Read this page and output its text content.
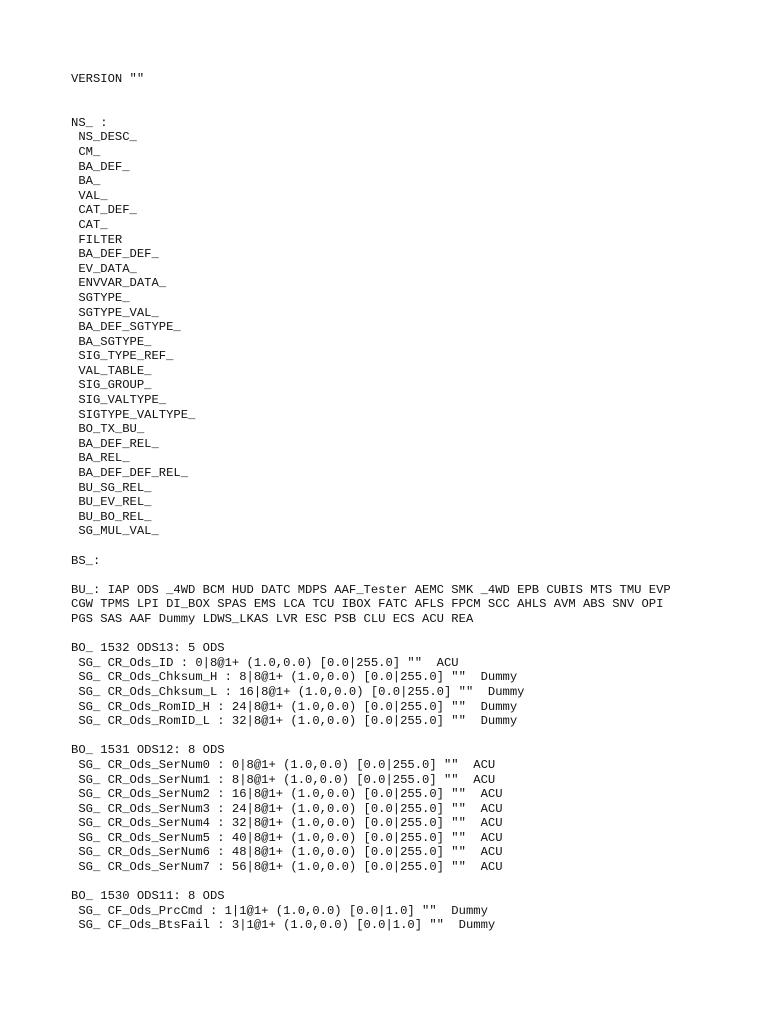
VERSION ""
NS_ :
NS_DESC_
CM_
BA_DEF_
BA_
VAL_
CAT_DEF_
CAT_
FILTER
BA_DEF_DEF_
EV_DATA_
ENVVAR_DATA_
SGTYPE_
SGTYPE_VAL_
BA_DEF_SGTYPE_
BA_SGTYPE_
SIG_TYPE_REF_
VAL_TABLE_
SIG_GROUP_
SIG_VALTYPE_
SIGTYPE_VALTYPE_
BO_TX_BU_
BA_DEF_REL_
BA_REL_
BA_DEF_DEF_REL_
BU_SG_REL_
BU_EV_REL_
BU_BO_REL_
SG_MUL_VAL_
BS_:
BU_: IAP ODS _4WD BCM HUD DATC MDPS AAF_Tester AEMC SMK _4WD EPB CUBIS MTS TMU EVP
CGW TPMS LPI DI_BOX SPAS EMS LCA TCU IBOX FATC AFLS FPCM SCC AHLS AVM ABS SNV OPI
PGS SAS AAF Dummy LDWS_LKAS LVR ESC PSB CLU ECS ACU REA
BO_ 1532 ODS13: 5 ODS
SG_ CR_Ods_ID : 0|8@1+ (1.0,0.0) [0.0|255.0] ""  ACU
SG_ CR_Ods_Chksum_H : 8|8@1+ (1.0,0.0) [0.0|255.0] ""  Dummy
SG_ CR_Ods_Chksum_L : 16|8@1+ (1.0,0.0) [0.0|255.0] ""  Dummy
SG_ CR_Ods_RomID_H : 24|8@1+ (1.0,0.0) [0.0|255.0] ""  Dummy
SG_ CR_Ods_RomID_L : 32|8@1+ (1.0,0.0) [0.0|255.0] ""  Dummy
BO_ 1531 ODS12: 8 ODS
SG_ CR_Ods_SerNum0 : 0|8@1+ (1.0,0.0) [0.0|255.0] ""  ACU
SG_ CR_Ods_SerNum1 : 8|8@1+ (1.0,0.0) [0.0|255.0] ""  ACU
SG_ CR_Ods_SerNum2 : 16|8@1+ (1.0,0.0) [0.0|255.0] ""  ACU
SG_ CR_Ods_SerNum3 : 24|8@1+ (1.0,0.0) [0.0|255.0] ""  ACU
SG_ CR_Ods_SerNum4 : 32|8@1+ (1.0,0.0) [0.0|255.0] ""  ACU
SG_ CR_Ods_SerNum5 : 40|8@1+ (1.0,0.0) [0.0|255.0] ""  ACU
SG_ CR_Ods_SerNum6 : 48|8@1+ (1.0,0.0) [0.0|255.0] ""  ACU
SG_ CR_Ods_SerNum7 : 56|8@1+ (1.0,0.0) [0.0|255.0] ""  ACU
BO_ 1530 ODS11: 8 ODS
SG_ CF_Ods_PrcCmd : 1|1@1+ (1.0,0.0) [0.0|1.0] ""  Dummy
SG_ CF_Ods_BtsFail : 3|1@1+ (1.0,0.0) [0.0|1.0] ""  Dummy
